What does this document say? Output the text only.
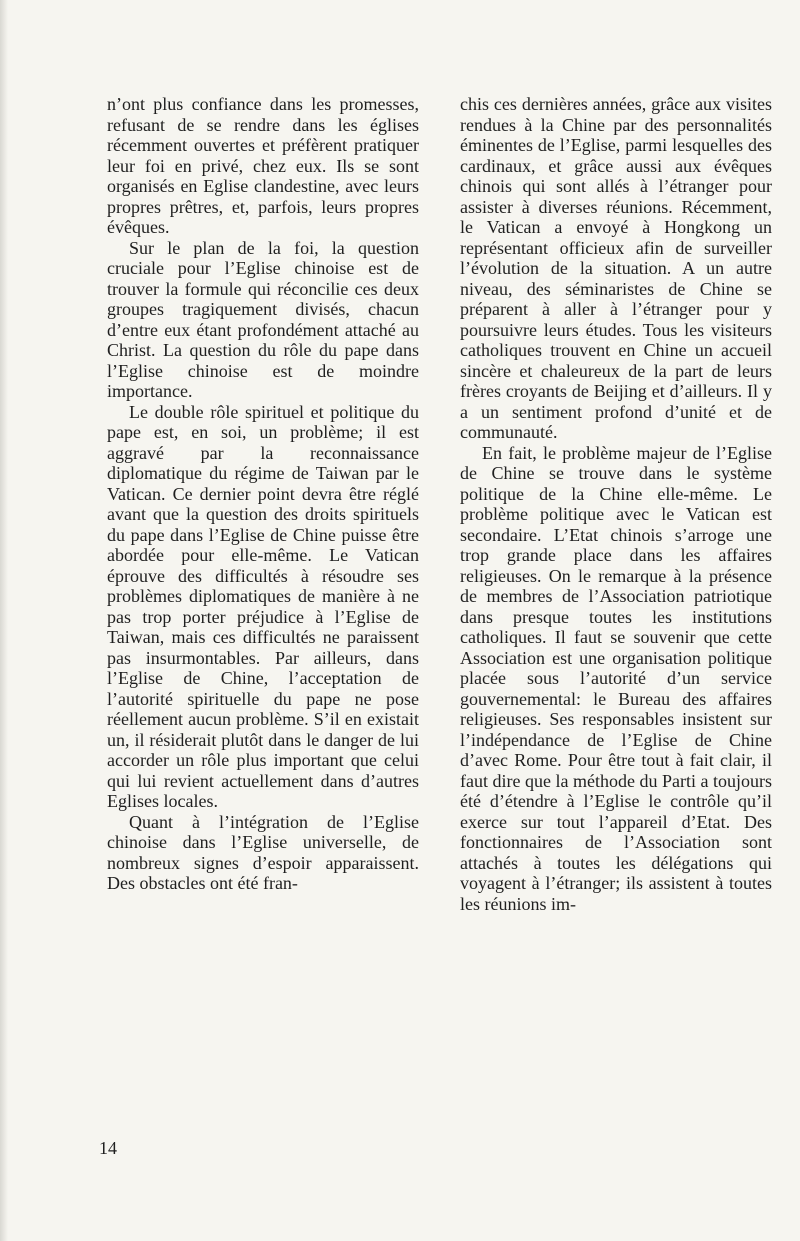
n’ont plus confiance dans les promesses, refusant de se rendre dans les églises récemment ouvertes et préfèrent pratiquer leur foi en privé, chez eux. Ils se sont organisés en Eglise clandestine, avec leurs propres prêtres, et, parfois, leurs propres évêques.

Sur le plan de la foi, la question cruciale pour l’Eglise chinoise est de trouver la formule qui réconcilie ces deux groupes tragiquement divisés, chacun d’entre eux étant profondément attaché au Christ. La question du rôle du pape dans l’Eglise chinoise est de moindre importance.

Le double rôle spirituel et politique du pape est, en soi, un problème; il est aggravé par la reconnaissance diplomatique du régime de Taiwan par le Vatican. Ce dernier point devra être réglé avant que la question des droits spirituels du pape dans l’Eglise de Chine puisse être abordée pour elle-même. Le Vatican éprouve des difficultés à résoudre ses problèmes diplomatiques de manière à ne pas trop porter préjudice à l’Eglise de Taiwan, mais ces difficultés ne paraissent pas insurmontables. Par ailleurs, dans l’Eglise de Chine, l’acceptation de l’autorité spirituelle du pape ne pose réellement aucun problème. S’il en existait un, il résiderait plutôt dans le danger de lui accorder un rôle plus important que celui qui lui revient actuellement dans d’autres Eglises locales.

Quant à l’intégration de l’Eglise chinoise dans l’Eglise universelle, de nombreux signes d’espoir apparaissent. Des obstacles ont été fran-

chis ces dernières années, grâce aux visites rendues à la Chine par des personnalités éminentes de l’Eglise, parmi lesquelles des cardinaux, et grâce aussi aux évêques chinois qui sont allés à l’étranger pour assister à diverses réunions. Récemment, le Vatican a envoyé à Hongkong un représentant officieux afin de surveiller l’évolution de la situation. A un autre niveau, des séminaristes de Chine se préparent à aller à l’étranger pour y poursuivre leurs études. Tous les visiteurs catholiques trouvent en Chine un accueil sincère et chaleureux de la part de leurs frères croyants de Beijing et d’ailleurs. Il y a un sentiment profond d’unité et de communauté.

En fait, le problème majeur de l’Eglise de Chine se trouve dans le système politique de la Chine elle-même. Le problème politique avec le Vatican est secondaire. L’Etat chinois s’arroge une trop grande place dans les affaires religieuses. On le remarque à la présence de membres de l’Association patriotique dans presque toutes les institutions catholiques. Il faut se souvenir que cette Association est une organisation politique placée sous l’autorité d’un service gouvernemental: le Bureau des affaires religieuses. Ses responsables insistent sur l’indépendance de l’Eglise de Chine d’avec Rome. Pour être tout à fait clair, il faut dire que la méthode du Parti a toujours été d’étendre à l’Eglise le contrôle qu’il exerce sur tout l’appareil d’Etat. Des fonctionnaires de l’Association sont attachés à toutes les délégations qui voyagent à l’étranger; ils assistent à toutes les réunions im-

14
